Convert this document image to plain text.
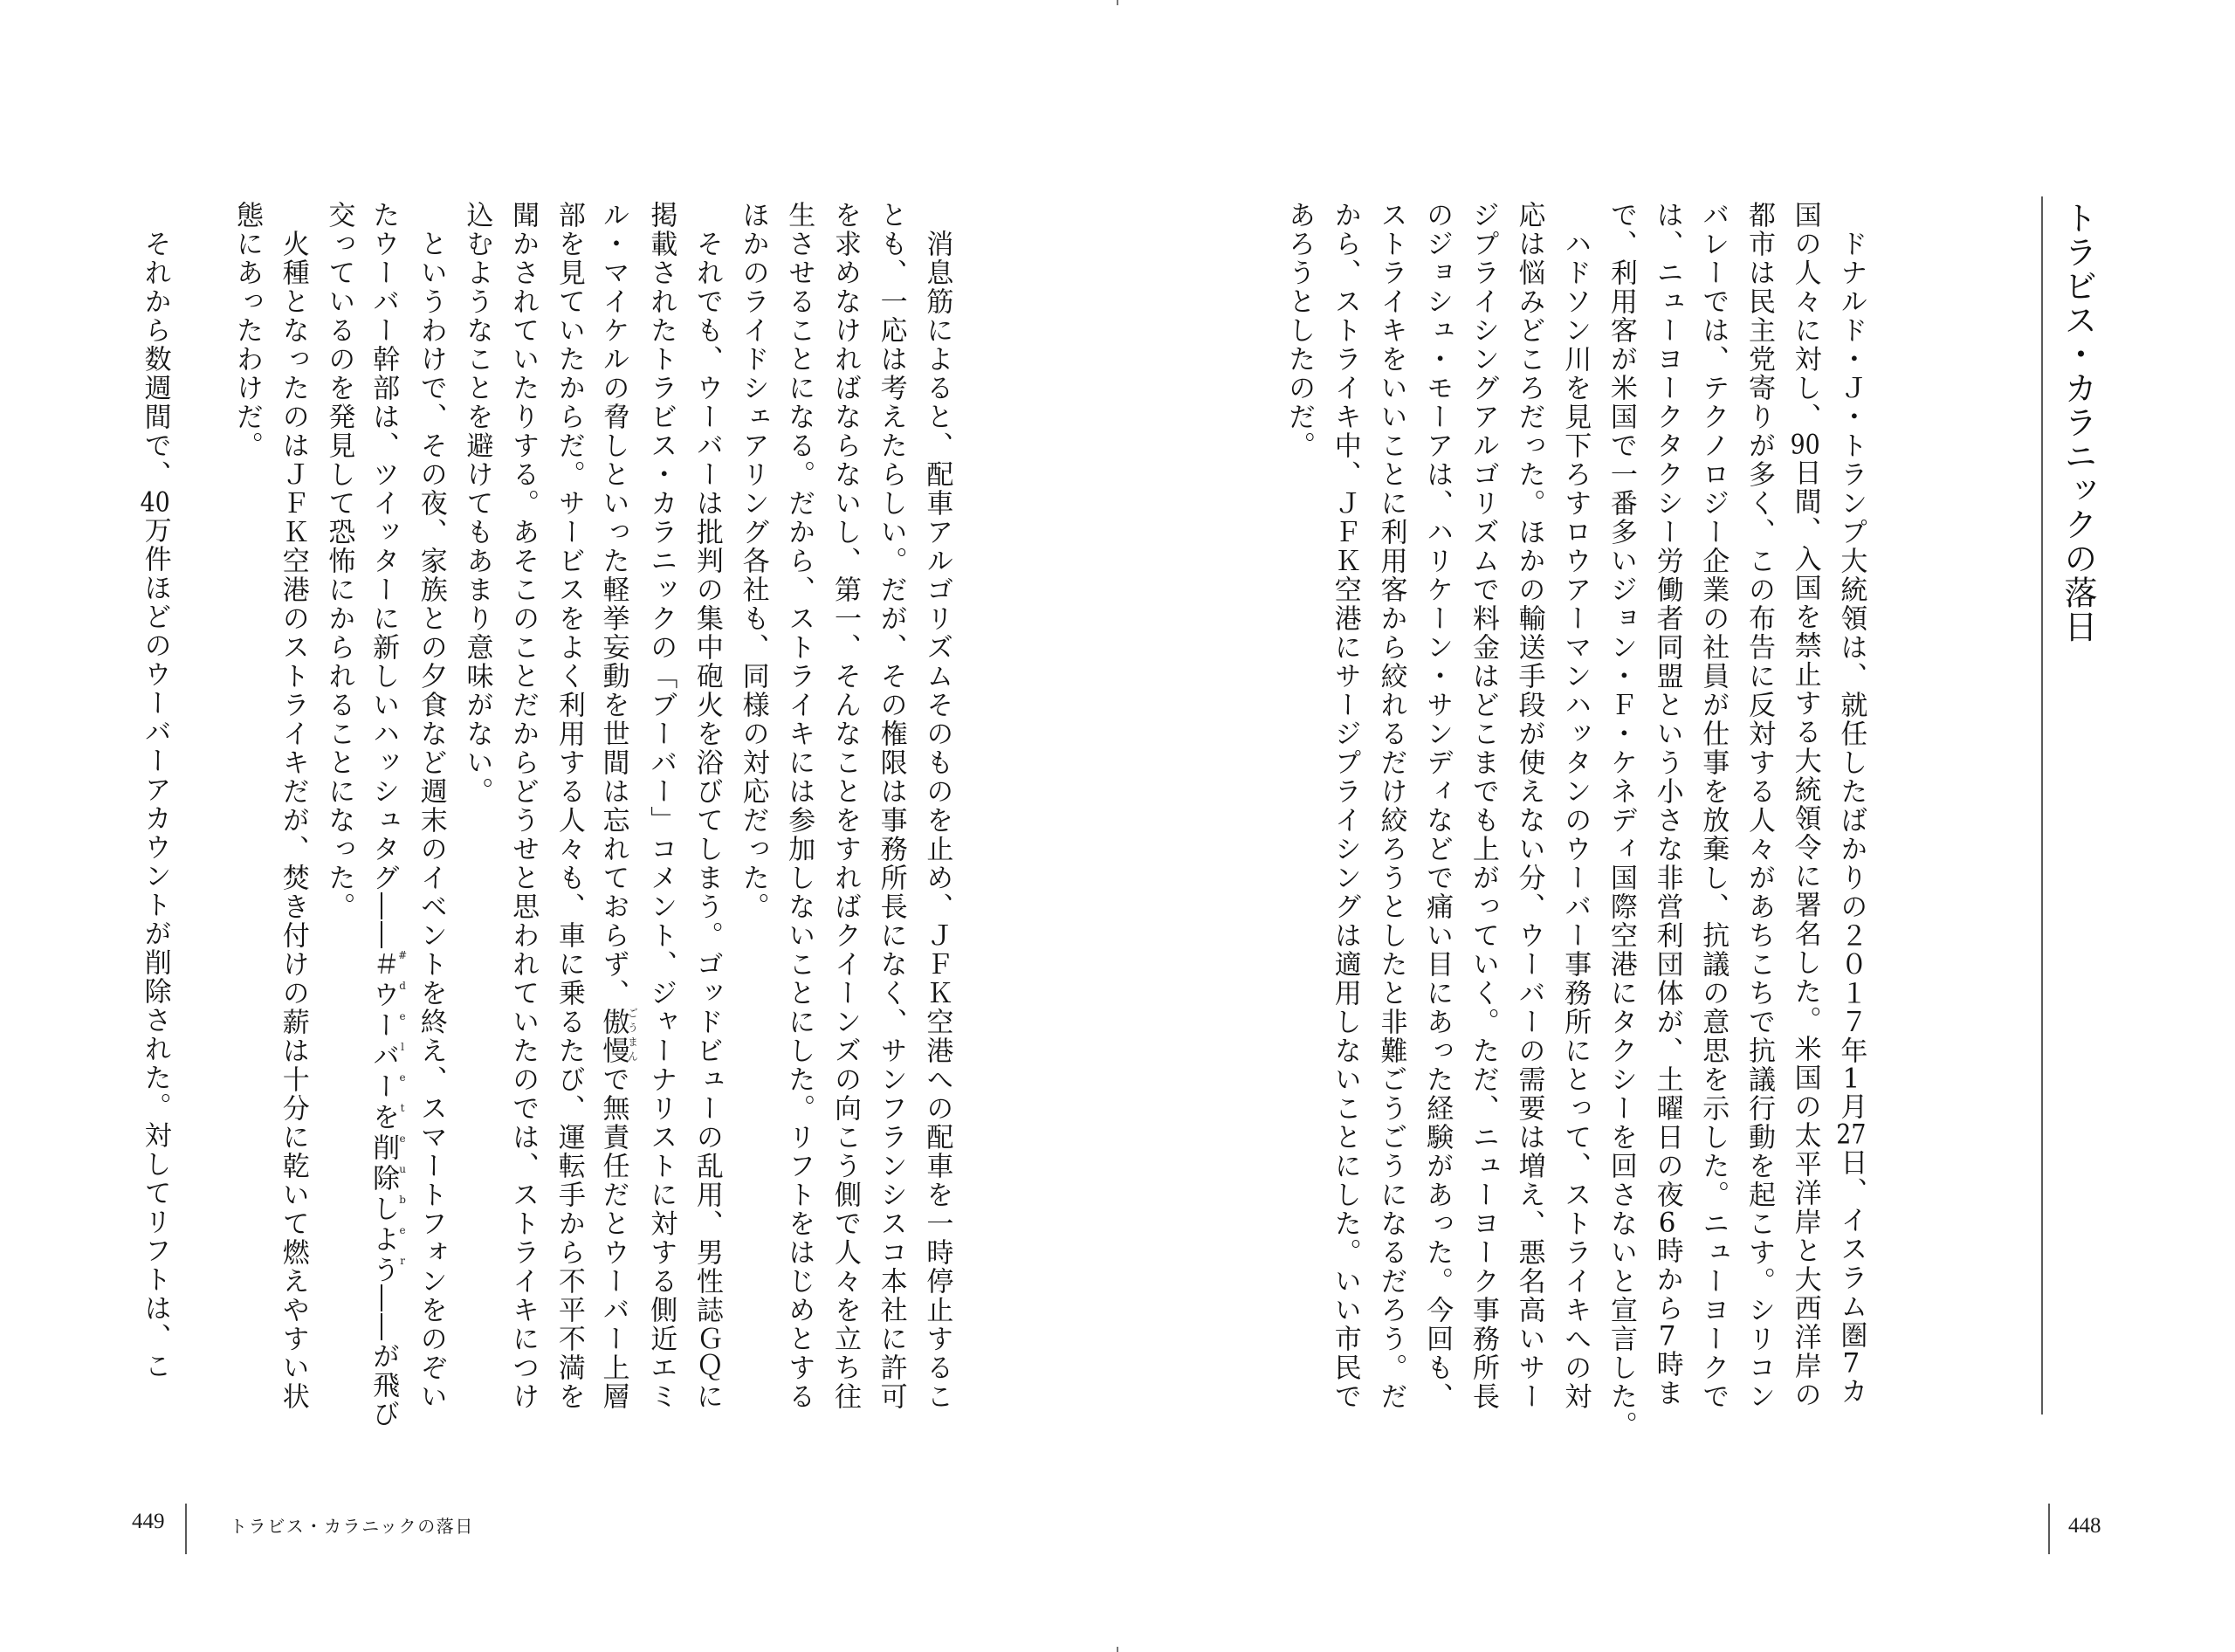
トラビス・カラニックの落日
　ドナルド・Ｊ・トランプ大統領は、就任したばかりの２０１７年1月27日、イスラム圏7カ
国の人々に対し、90日間、入国を禁止する大統領令に署名した。米国の太平洋岸と大西洋岸の
都市は民主党寄りが多く、この布告に反対する人々があちこちで抗議行動を起こす。シリコン
バレーでは、テクノロジー企業の社員が仕事を放棄し、抗議の意思を示した。ニューヨークで
は、ニューヨークタクシー労働者同盟という小さな非営利団体が、土曜日の夜6時から7時ま
で、利用客が米国で一番多いジョン・Ｆ・ケネディ国際空港にタクシーを回さないと宣言した。
　ハドソン川を見下ろすロウアーマンハッタンのウーバー事務所にとって、ストライキへの対
応は悩みどころだった。ほかの輸送手段が使えない分、ウーバーの需要は増え、悪名高いサー
ジプライシングアルゴリズムで料金はどこまでも上がっていく。ただ、ニューヨーク事務所長
のジョシュ・モーアは、ハリケーン・サンディなどで痛い目にあった経験があった。今回も、
ストライキをいいことに利用客から絞れるだけ絞ろうとしたと非難ごうごうになるだろう。だ
から、ストライキ中、ＪＦＫ空港にサージプライシングは適用しないことにした。いい市民で
あろうとしたのだ。
448
　消息筋によると、配車アルゴリズムそのものを止め、ＪＦＫ空港への配車を一時停止するこ
とも、一応は考えたらしい。だが、その権限は事務所長になく、サンフランシスコ本社に許可
を求めなければならないし、第一、そんなことをすればクイーンズの向こう側で人々を立ち往
生させることになる。だから、ストライキには参加しないことにした。リフトをはじめとする
ほかのライドシェアリング各社も、同様の対応だった。
　それでも、ウーバーは批判の集中砲火を浴びてしまう。ゴッドビューの乱用、男性誌ＧＱに
掲載されたトラビス・カラニックの「ブーバー」コメント、ジャーナリストに対する側近エミ
ル・マイケルの脅しといった軽挙妄動を世間は忘れておらず、傲慢ごうまんで無責任だとウーバー上層
部を見ていたからだ。サービスをよく利用する人々も、車に乗るたび、運転手から不平不満を
聞かされていたりする。あそこのことだからどうせと思われていたのでは、ストライキにつけ
込むようなことを避けてもあまり意味がない。
　というわけで、その夜、家族との夕食など週末のイベントを終え、スマートフォンをのぞい
たウーバー幹部は、ツイッターに新しいハッシュタグ――＃ウーバーを削除しよう#deleteuber――が飛び
交っているのを発見して恐怖にかられることになった。
　火種となったのはＪＦＫ空港のストライキだが、焚き付けの薪は十分に乾いて燃えやすい状
態にあったわけだ。
　それから数週間で、40万件ほどのウーバーアカウントが削除された。対してリフトは、こ
449	トラビス・カラニックの落日
